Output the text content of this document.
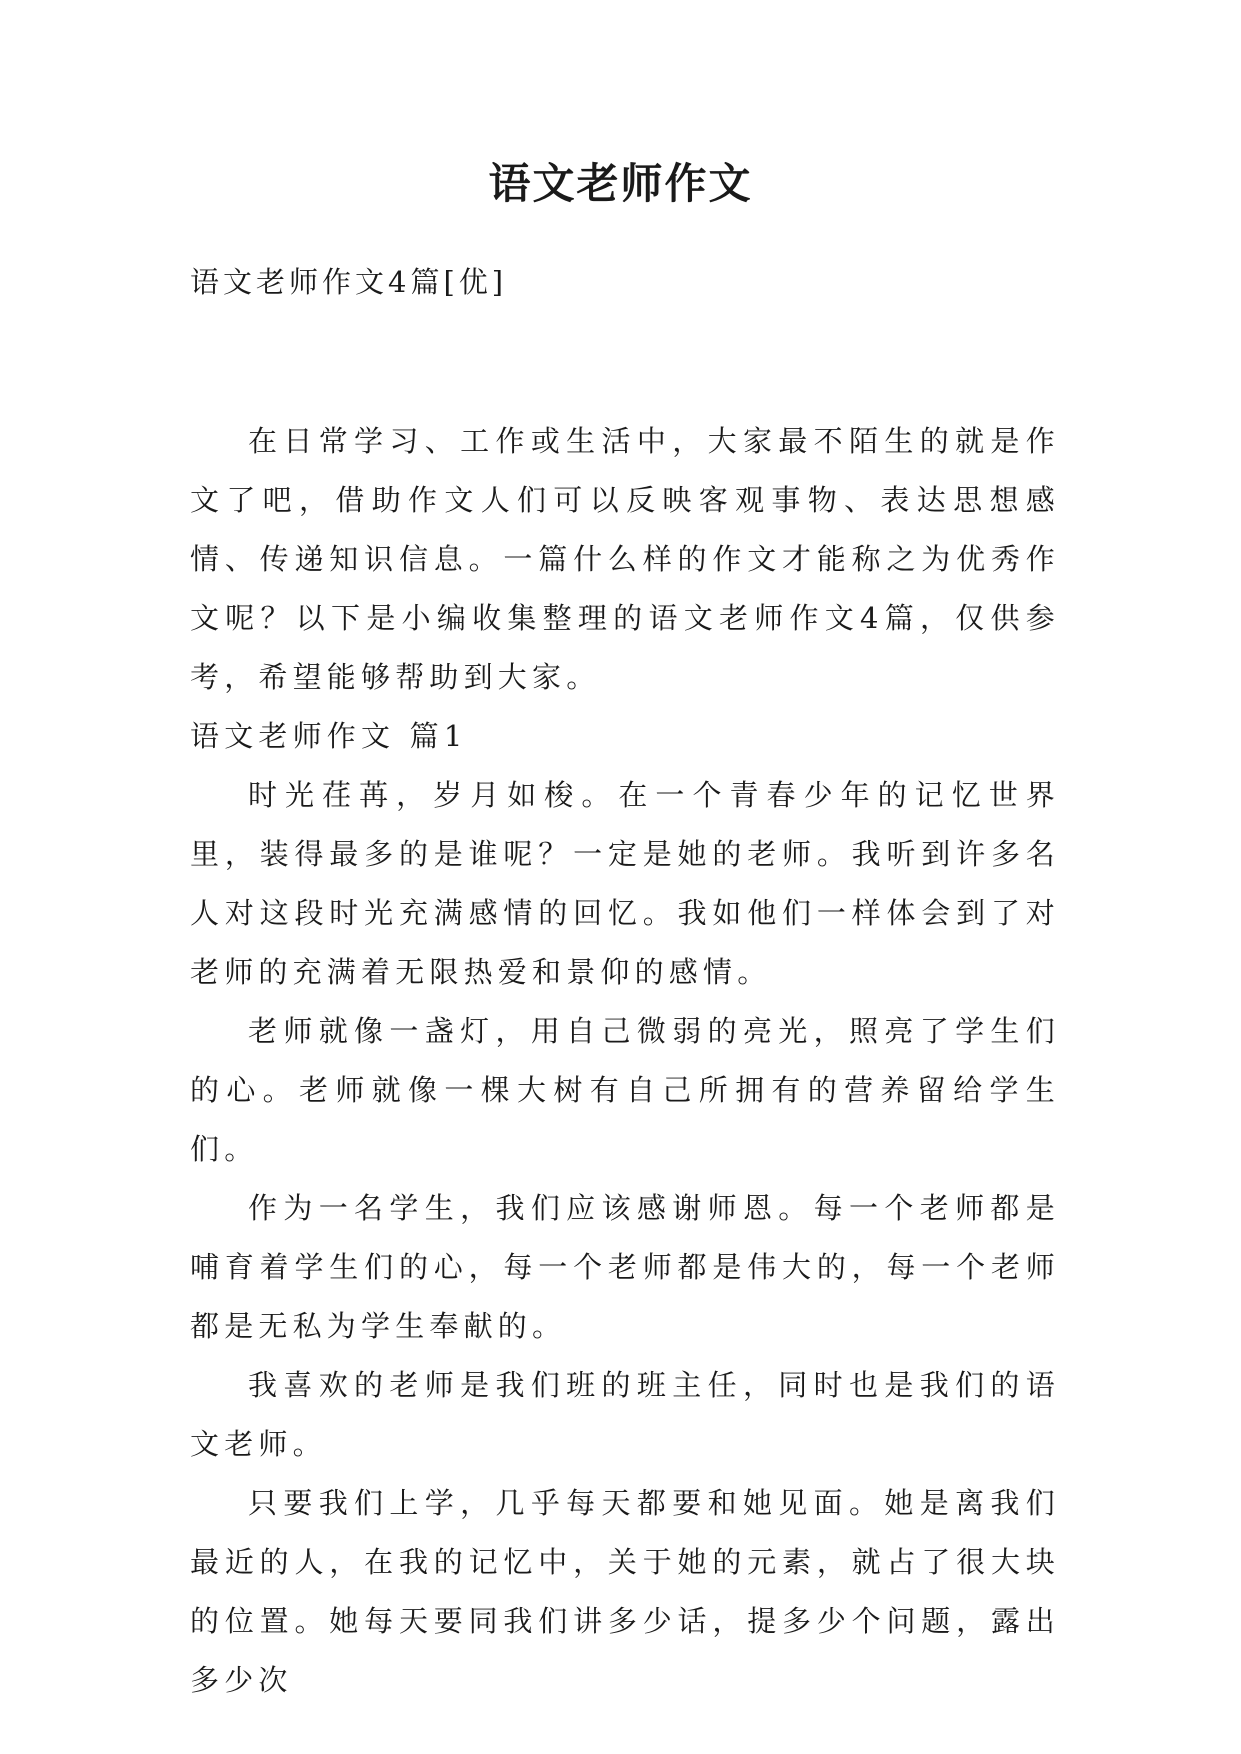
语文老师作文
语文老师作文4篇[优]

在日常学习、工作或生活中，大家最不陌生的就是作文了吧，借助作文人们可以反映客观事物、表达思想感情、传递知识信息。一篇什么样的作文才能称之为优秀作文呢？以下是小编收集整理的语文老师作文4篇，仅供参考，希望能够帮助到大家。

语文老师作文 篇1

时光荏苒，岁月如梭。在一个青春少年的记忆世界里，装得最多的是谁呢？一定是她的老师。我听到许多名人对这段时光充满感情的回忆。我如他们一样体会到了对老师的充满着无限热爱和景仰的感情。

老师就像一盏灯，用自己微弱的亮光，照亮了学生们的心。老师就像一棵大树有自己所拥有的营养留给学生们。

作为一名学生，我们应该感谢师恩。每一个老师都是哺育着学生们的心，每一个老师都是伟大的，每一个老师都是无私为学生奉献的。

我喜欢的老师是我们班的班主任，同时也是我们的语文老师。

只要我们上学，几乎每天都要和她见面。她是离我们最近的人，在我的记忆中，关于她的元素，就占了很大块的位置。她每天要同我们讲多少话，提多少个问题，露出多少次
